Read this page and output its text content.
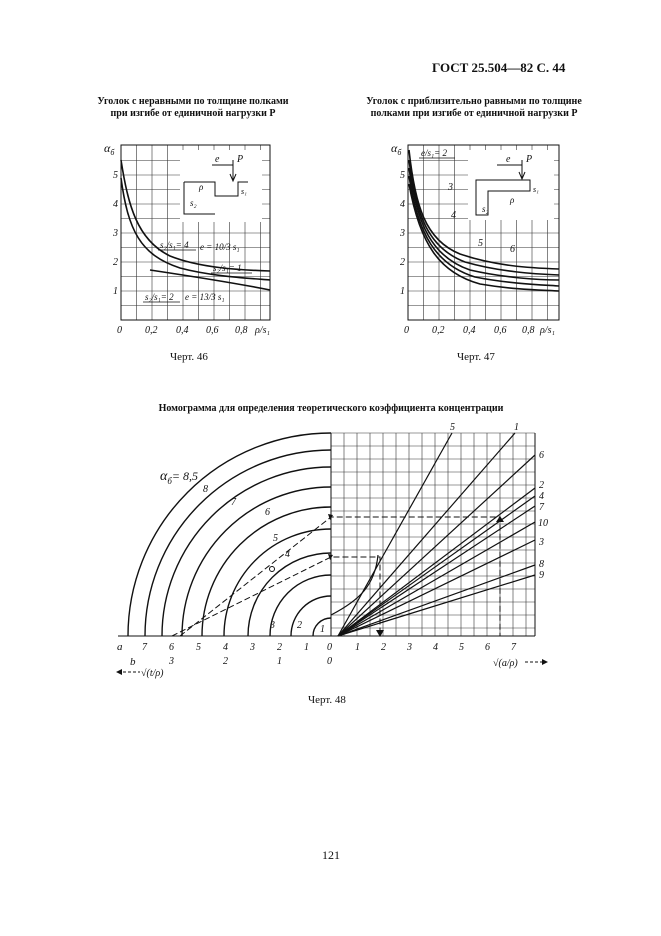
ГОСТ 25.504—82 С. 44
Уголок с неравными по толщине полками
при изгибе от единичной нагрузки P
Уголок с приблизительно равными по толщине
полками при изгибе от единичной нагрузки P
e P
s₁
s₂
ρ
$\alpha_б$
5
4
3
2
1
0 0,2 0,4 0,6 0,8 ρ/s₁
s₂/s₁= 4 e = 10/3 s₁
s₂/s₁= 1
s₂/s₁= 2 e = 13/3 s₁
e P
s₁
s₂
ρ
$\alpha_б$
5
4
3
2
1
0 0,2 0,4 0,6 0,8 ρ/s₁
e/s₁= 2
3
4
5
6
Черт. 46	Черт. 47
Номограмма для определения теоретического коэффициента концентрации
$\alpha_б= 8,5$
8
7
6
5
4
3 2 1
5	1
6
2
4
7
10
3
8
9
a 7 6 5 4 3 2 1 0
b	3	2	1	0
1 2 3 4 5 6 7
√(t/ρ)
√(a/ρ)
Черт. 48
121
